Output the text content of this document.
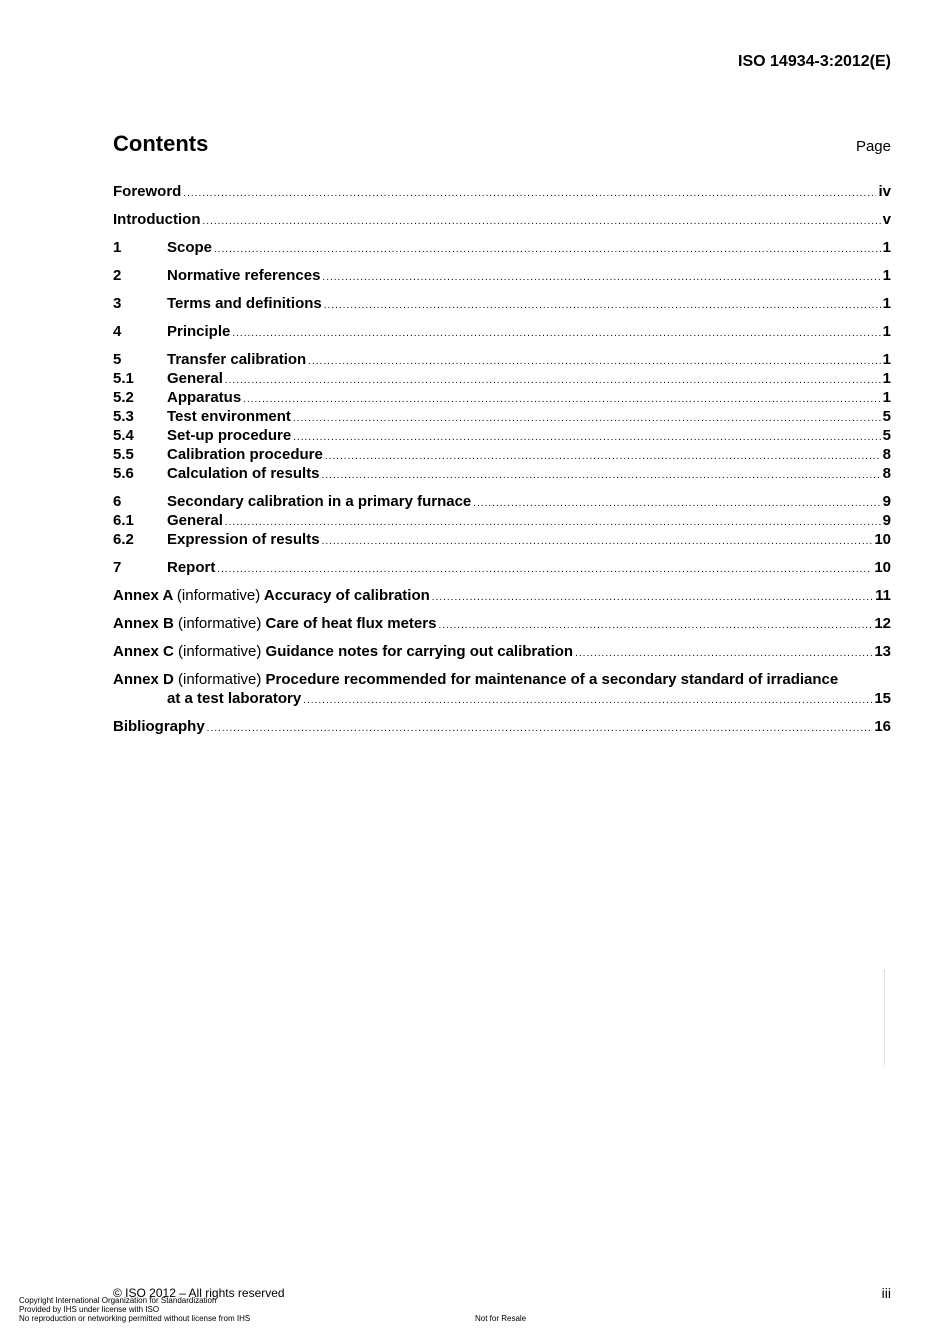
ISO 14934-3:2012(E)
Contents	Page
Foreword .....	iv
Introduction .....	v
1	Scope .....	1
2	Normative references .....	1
3	Terms and definitions .....	1
4	Principle .....	1
5	Transfer calibration .....	1
5.1	General .....	1
5.2	Apparatus .....	1
5.3	Test environment .....	5
5.4	Set-up procedure .....	5
5.5	Calibration procedure .....	8
5.6	Calculation of results .....	8
6	Secondary calibration in a primary furnace .....	9
6.1	General .....	9
6.2	Expression of results .....	10
7	Report .....	10
Annex A (informative) Accuracy of calibration .....	11
Annex B (informative) Care of heat flux meters .....	12
Annex C (informative) Guidance notes for carrying out calibration .....	13
Annex D (informative) Procedure recommended for maintenance of a secondary standard of irradiance
at a test laboratory .....	15
Bibliography .....	16
© ISO 2012 – All rights reserved	iii
Copyright International Organization for Standardization
Provided by IHS under license with ISO
No reproduction or networking permitted without license from IHS	Not for Resale
